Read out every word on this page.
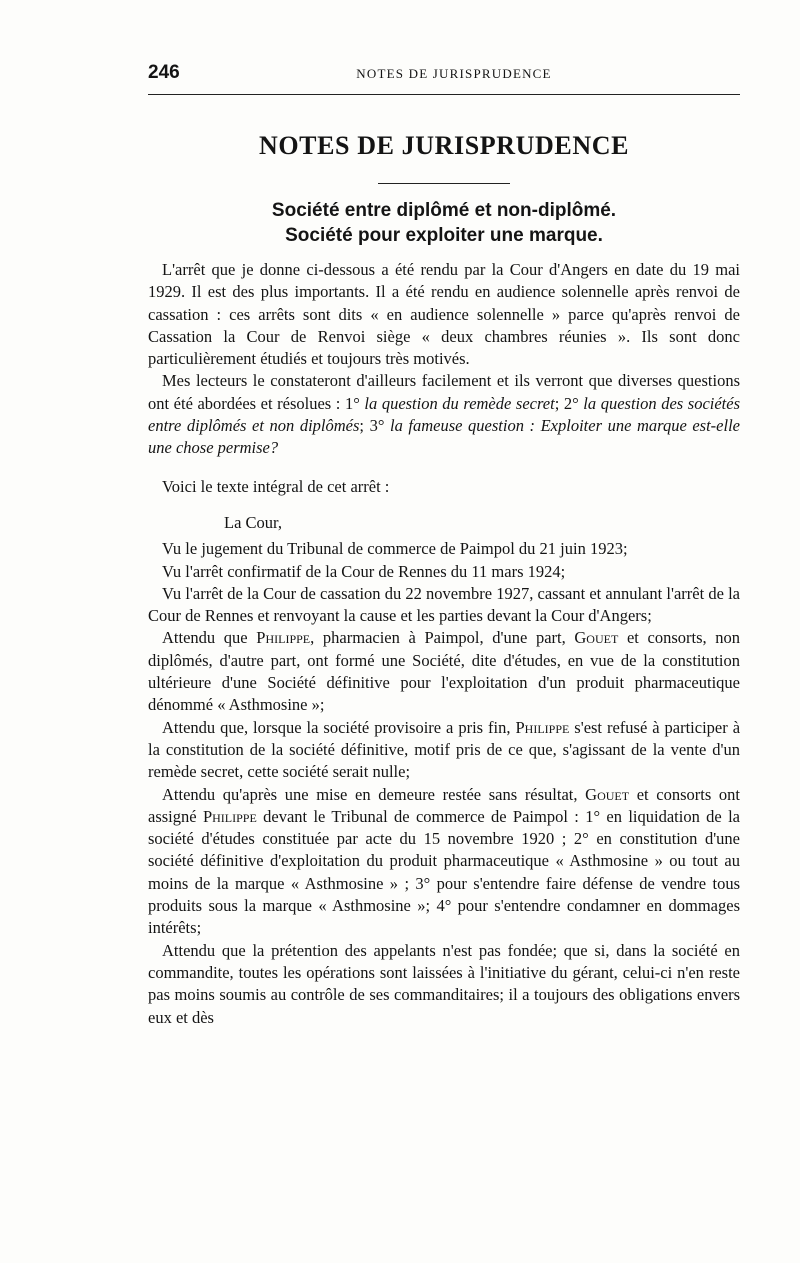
246	NOTES DE JURISPRUDENCE
NOTES DE JURISPRUDENCE
Société entre diplômé et non-diplômé.
Société pour exploiter une marque.

L'arrêt que je donne ci-dessous a été rendu par la Cour d'Angers en date du 19 mai 1929. Il est des plus importants. Il a été rendu en audience solennelle après renvoi de cassation : ces arrêts sont dits « en audience solennelle » parce qu'après renvoi de Cassation la Cour de Renvoi siège « deux chambres réunies ». Ils sont donc particulièrement étudiés et toujours très motivés.

Mes lecteurs le constateront d'ailleurs facilement et ils verront que diverses questions ont été abordées et résolues : 1° la question du remède secret; 2° la question des sociétés entre diplômés et non diplômés; 3° la fameuse question : Exploiter une marque est-elle une chose permise?

Voici le texte intégral de cet arrêt :

La Cour,

Vu le jugement du Tribunal de commerce de Paimpol du 21 juin 1923;

Vu l'arrêt confirmatif de la Cour de Rennes du 11 mars 1924;

Vu l'arrêt de la Cour de cassation du 22 novembre 1927, cassant et annulant l'arrêt de la Cour de Rennes et renvoyant la cause et les parties devant la Cour d'Angers;

Attendu que Philippe, pharmacien à Paimpol, d'une part, Gouet et consorts, non diplômés, d'autre part, ont formé une Société, dite d'études, en vue de la constitution ultérieure d'une Société définitive pour l'exploitation d'un produit pharmaceutique dénommé « Asthmosine »;

Attendu que, lorsque la société provisoire a pris fin, Philippe s'est refusé à participer à la constitution de la société définitive, motif pris de ce que, s'agissant de la vente d'un remède secret, cette société serait nulle;

Attendu qu'après une mise en demeure restée sans résultat, Gouet et consorts ont assigné Philippe devant le Tribunal de commerce de Paimpol : 1° en liquidation de la société d'études constituée par acte du 15 novembre 1920 ; 2° en constitution d'une société définitive d'exploitation du produit pharmaceutique « Asthmosine » ou tout au moins de la marque « Asthmosine » ; 3° pour s'entendre faire défense de vendre tous produits sous la marque « Asthmosine »; 4° pour s'entendre condamner en dommages intérêts;

Attendu que la prétention des appelants n'est pas fondée; que si, dans la société en commandite, toutes les opérations sont laissées à l'initiative du gérant, celui-ci n'en reste pas moins soumis au contrôle de ses commanditaires; il a toujours des obligations envers eux et dès
